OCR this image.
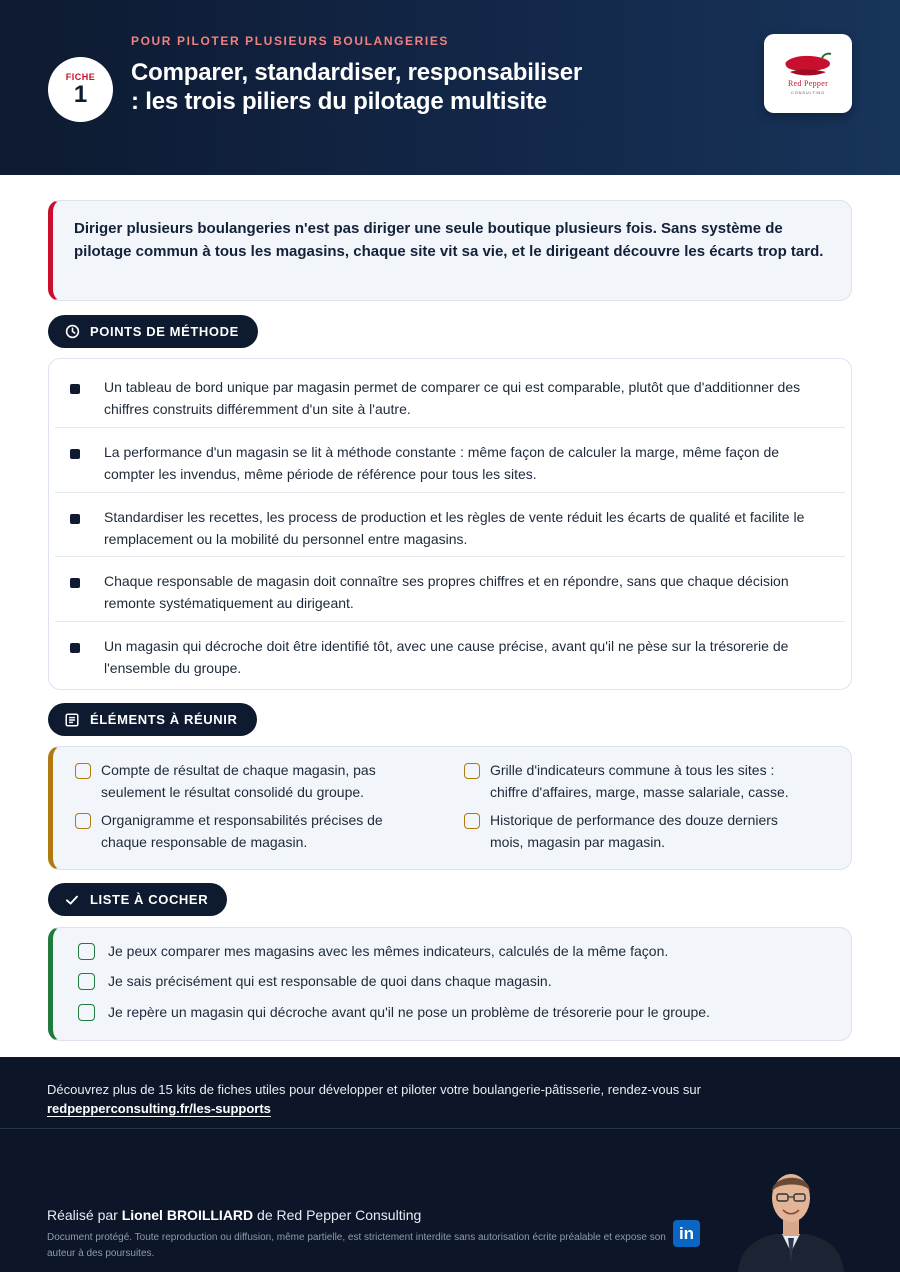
FICHE
1
POUR PILOTER PLUSIEURS BOULANGERIES
Comparer, standardiser, responsabiliser : les trois piliers du pilotage multisite
Red Pepper
CONSULTING

Diriger plusieurs boulangeries n'est pas diriger une seule boutique plusieurs fois. Sans système de pilotage commun à tous les magasins, chaque site vit sa vie, et le dirigeant découvre les écarts trop tard.

POINTS DE MÉTHODE
Un tableau de bord unique par magasin permet de comparer ce qui est comparable, plutôt que d'additionner des chiffres construits différemment d'un site à l'autre.
La performance d'un magasin se lit à méthode constante : même façon de calculer la marge, même façon de compter les invendus, même période de référence pour tous les sites.
Standardiser les recettes, les process de production et les règles de vente réduit les écarts de qualité et facilite le remplacement ou la mobilité du personnel entre magasins.
Chaque responsable de magasin doit connaître ses propres chiffres et en répondre, sans que chaque décision remonte systématiquement au dirigeant.
Un magasin qui décroche doit être identifié tôt, avec une cause précise, avant qu'il ne pèse sur la trésorerie de l'ensemble du groupe.
ÉLÉMENTS À RÉUNIR
Compte de résultat de chaque magasin, pas seulement le résultat consolidé du groupe.
Grille d'indicateurs commune à tous les sites : chiffre d'affaires, marge, masse salariale, casse.
Organigramme et responsabilités précises de chaque responsable de magasin.
Historique de performance des douze derniers mois, magasin par magasin.
LISTE À COCHER
Je peux comparer mes magasins avec les mêmes indicateurs, calculés de la même façon.
Je sais précisément qui est responsable de quoi dans chaque magasin.
Je repère un magasin qui décroche avant qu'il ne pose un problème de trésorerie pour le groupe.
Découvrez plus de 15 kits de fiches utiles pour développer et piloter votre boulangerie-pâtisserie, rendez-vous sur
redpepperconsulting.fr/les-supports
Réalisé par Lionel BROILLIARD de Red Pepper Consulting
Document protégé. Toute reproduction ou diffusion, même partielle, est strictement interdite sans autorisation écrite préalable et expose son auteur à des poursuites.
in
